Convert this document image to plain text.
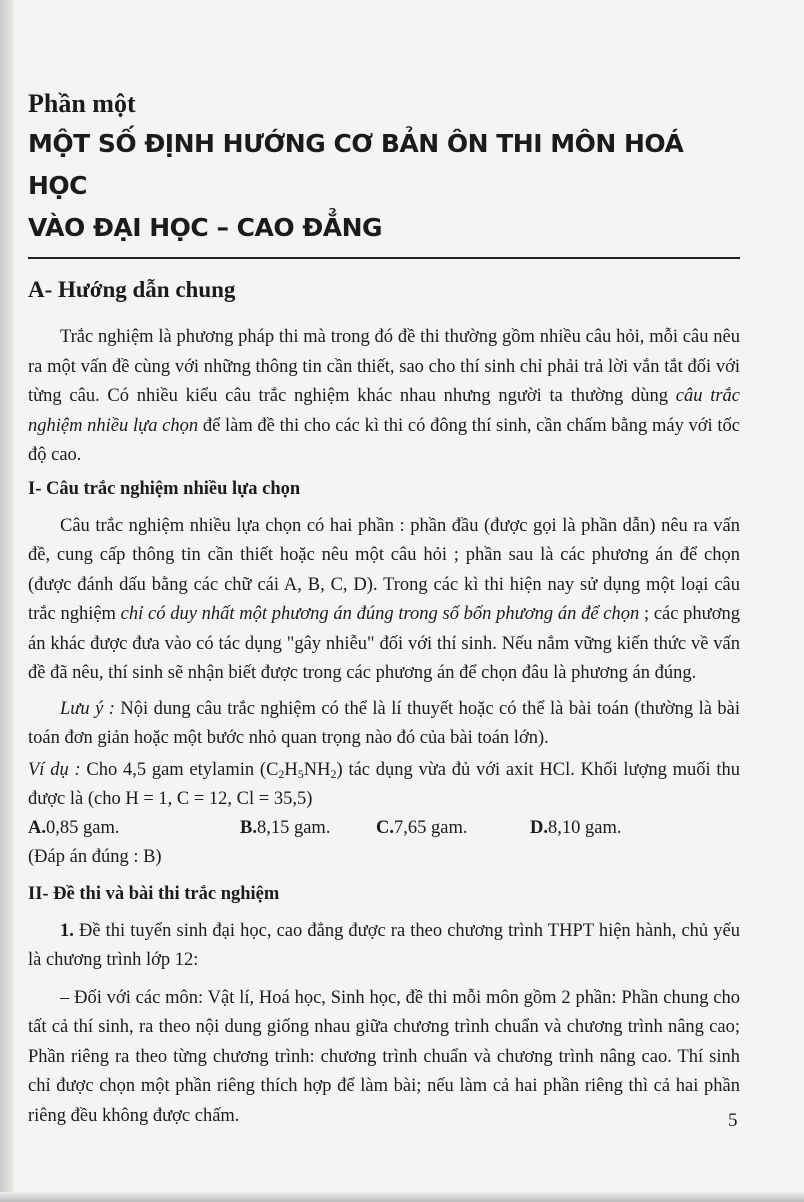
Phần một
MỘT SỐ ĐỊNH HƯỚNG CƠ BẢN ÔN THI MÔN HOÁ HỌC
VÀO ĐẠI HỌC – CAO ĐẲNG
A- Hướng dẫn chung

Trắc nghiệm là phương pháp thi mà trong đó đề thi thường gồm nhiều câu hỏi, mỗi câu nêu ra một vấn đề cùng với những thông tin cần thiết, sao cho thí sinh chỉ phải trả lời vắn tắt đối với từng câu. Có nhiều kiểu câu trắc nghiệm khác nhau nhưng người ta thường dùng câu trắc nghiệm nhiều lựa chọn để làm đề thi cho các kì thi có đông thí sinh, cần chấm bằng máy với tốc độ cao.

I- Câu trắc nghiệm nhiều lựa chọn

Câu trắc nghiệm nhiều lựa chọn có hai phần : phần đầu (được gọi là phần dẫn) nêu ra vấn đề, cung cấp thông tin cần thiết hoặc nêu một câu hỏi ; phần sau là các phương án để chọn (được đánh dấu bằng các chữ cái A, B, C, D). Trong các kì thi hiện nay sử dụng một loại câu trắc nghiệm chỉ có duy nhất một phương án đúng trong số bốn phương án để chọn ; các phương án khác được đưa vào có tác dụng "gây nhiễu" đối với thí sinh. Nếu nắm vững kiến thức về vấn đề đã nêu, thí sinh sẽ nhận biết được trong các phương án để chọn đâu là phương án đúng.

Lưu ý : Nội dung câu trắc nghiệm có thể là lí thuyết hoặc có thể là bài toán (thường là bài toán đơn giản hoặc một bước nhỏ quan trọng nào đó của bài toán lớn).

Ví dụ : Cho 4,5 gam etylamin $(C_2H_5NH_2)$ tác dụng vừa đủ với axit HCl. Khối lượng muối thu được là (cho H = 1, C = 12, Cl = 35,5)

A.0,85 gam.	B.8,15 gam.	C.7,65 gam.	D.8,10 gam.
(Đáp án đúng : B)
II- Đề thi và bài thi trắc nghiệm

1. Đề thi tuyển sinh đại học, cao đẳng được ra theo chương trình THPT hiện hành, chủ yếu là chương trình lớp 12:

– Đối với các môn: Vật lí, Hoá học, Sinh học, đề thi mỗi môn gồm 2 phần: Phần chung cho tất cả thí sinh, ra theo nội dung giống nhau giữa chương trình chuẩn và chương trình nâng cao; Phần riêng ra theo từng chương trình: chương trình chuẩn và chương trình nâng cao. Thí sinh chỉ được chọn một phần riêng thích hợp để làm bài; nếu làm cả hai phần riêng thì cả hai phần riêng đều không được chấm.	5
